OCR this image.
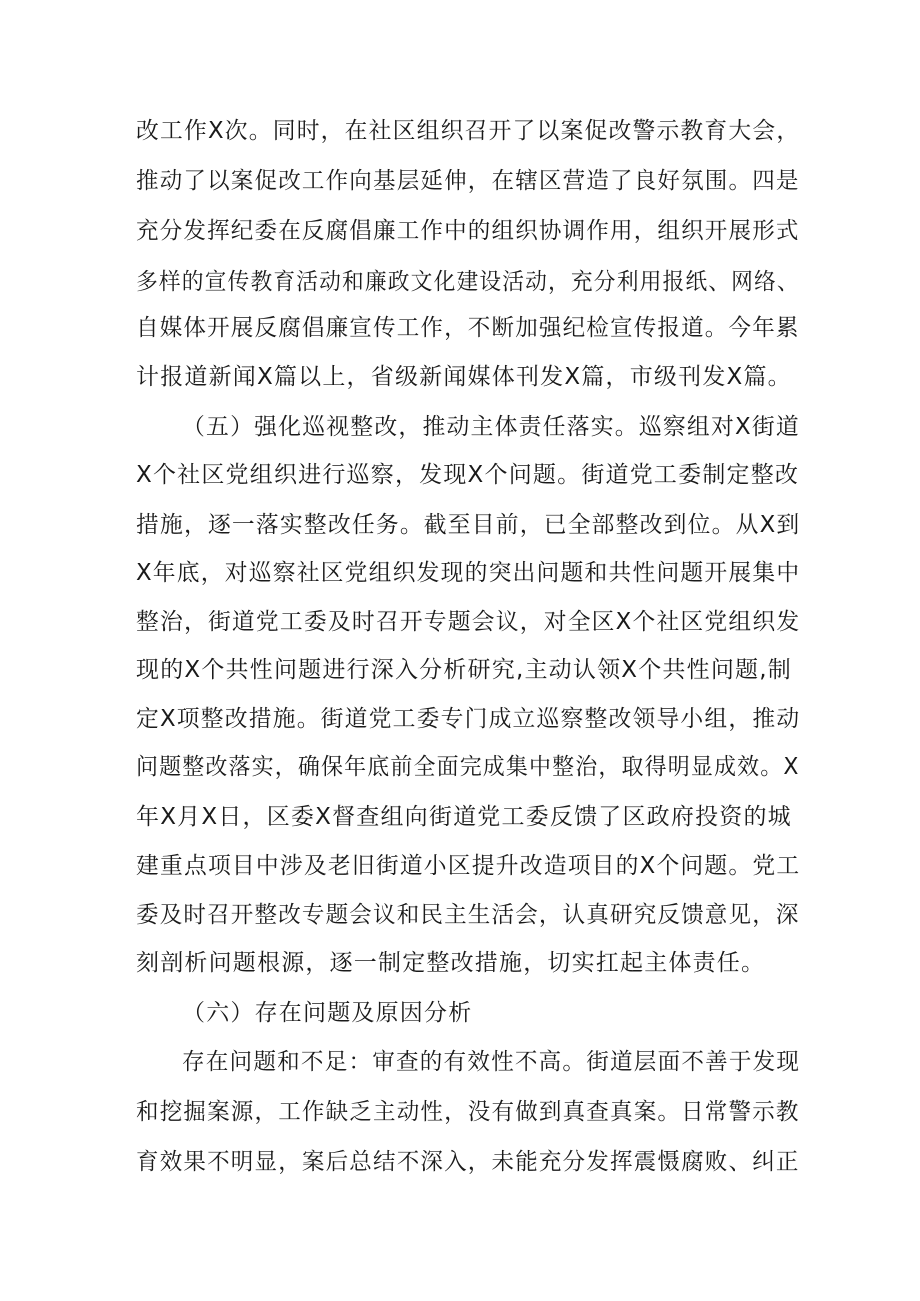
改工作X次。同时，在社区组织召开了以案促改警示教育大会，
推动了以案促改工作向基层延伸，在辖区营造了良好氛围。四是
充分发挥纪委在反腐倡廉工作中的组织协调作用，组织开展形式
多样的宣传教育活动和廉政文化建设活动，充分利用报纸、网络、
自媒体开展反腐倡廉宣传工作，不断加强纪检宣传报道。今年累
计报道新闻X篇以上，省级新闻媒体刊发X篇，市级刊发X篇。
（五）强化巡视整改，推动主体责任落实。巡察组对X街道
X个社区党组织进行巡察，发现X个问题。街道党工委制定整改
措施，逐一落实整改任务。截至目前，已全部整改到位。从X到
X年底，对巡察社区党组织发现的突出问题和共性问题开展集中
整治，街道党工委及时召开专题会议，对全区X个社区党组织发
现的X个共性问题进行深入分析研究,主动认领X个共性问题,制
定X项整改措施。街道党工委专门成立巡察整改领导小组，推动
问题整改落实，确保年底前全面完成集中整治，取得明显成效。X
年X月X日，区委X督查组向街道党工委反馈了区政府投资的城
建重点项目中涉及老旧街道小区提升改造项目的X个问题。党工
委及时召开整改专题会议和民主生活会，认真研究反馈意见，深
刻剖析问题根源，逐一制定整改措施，切实扛起主体责任。
（六）存在问题及原因分析
存在问题和不足：审查的有效性不高。街道层面不善于发现
和挖掘案源，工作缺乏主动性，没有做到真查真案。日常警示教
育效果不明显，案后总结不深入，未能充分发挥震慑腐败、纠正
